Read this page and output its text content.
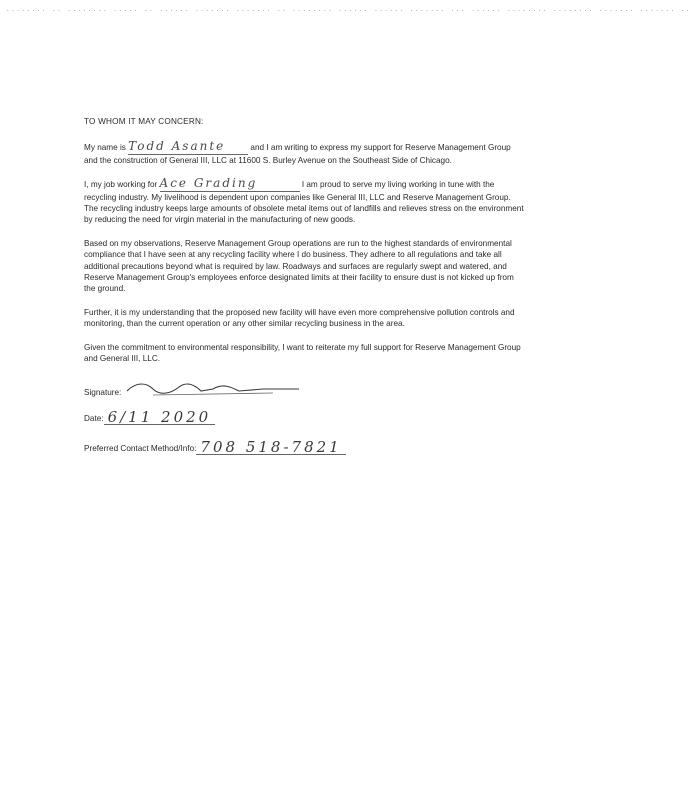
........ .. ........ ..... .. ...... ....... ....... .. ........ ...... ...... ....... ... ...... ........ ........ ....... ....... ..

TO WHOM IT MAY CONCERN:

My name is Todd Asante	and I am writing to express my support for Reserve Management Group and the construction of General III, LLC at 11600 S. Burley Avenue on the Southeast Side of Chicago.

I, my job working for Ace Grading	I am proud to serve my living working in tune with the recycling industry. My livelihood is dependent upon companies like General III, LLC and Reserve Management Group. The recycling industry keeps large amounts of obsolete metal items out of landfills and relieves stress on the environment by reducing the need for virgin material in the manufacturing of new goods.

Based on my observations, Reserve Management Group operations are run to the highest standards of environmental compliance that I have seen at any recycling facility where I do business. They adhere to all regulations and take all additional precautions beyond what is required by law. Roadways and surfaces are regularly swept and watered, and Reserve Management Group's employees enforce designated limits at their facility to ensure dust is not kicked up from the ground.

Further, it is my understanding that the proposed new facility will have even more comprehensive pollution controls and monitoring, than the current operation or any other similar recycling business in the area.

Given the commitment to environmental responsibility, I want to reiterate my full support for Reserve Management Group and General III, LLC.

Signature:
Date: 6/11 2020
Preferred Contact Method/Info: 708 518-7821
